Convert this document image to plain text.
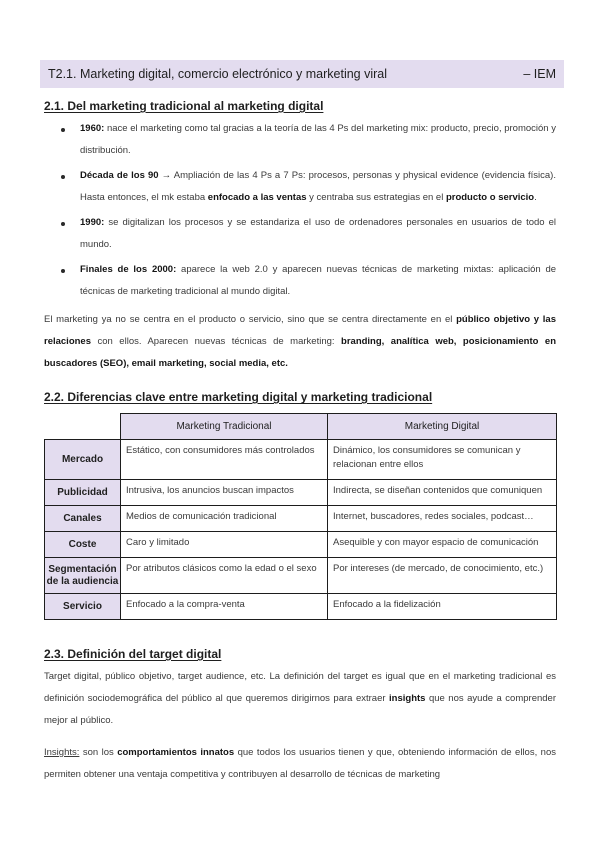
T2.1. Marketing digital, comercio electrónico y marketing viral	– IEM
2.1. Del marketing tradicional al marketing digital
1960: nace el marketing como tal gracias a la teoría de las 4 Ps del marketing mix: producto, precio, promoción y distribución.
Década de los 90 → Ampliación de las 4 Ps a 7 Ps: procesos, personas y physical evidence (evidencia física). Hasta entonces, el mk estaba enfocado a las ventas y centraba sus estrategias en el producto o servicio.
1990: se digitalizan los procesos y se estandariza el uso de ordenadores personales en usuarios de todo el mundo.
Finales de los 2000: aparece la web 2.0 y aparecen nuevas técnicas de marketing mixtas: aplicación de técnicas de marketing tradicional al mundo digital.
El marketing ya no se centra en el producto o servicio, sino que se centra directamente en el público objetivo y las relaciones con ellos. Aparecen nuevas técnicas de marketing: branding, analítica web, posicionamiento en buscadores (SEO), email marketing, social media, etc.
2.2. Diferencias clave entre marketing digital y marketing tradicional
	Marketing Tradicional	Marketing Digital
Mercado	Estático, con consumidores más controlados	Dinámico, los consumidores se comunican y relacionan entre ellos
Publicidad	Intrusiva, los anuncios buscan impactos	Indirecta, se diseñan contenidos que comuniquen
Canales	Medios de comunicación tradicional	Internet, buscadores, redes sociales, podcast…
Coste	Caro y limitado	Asequible y con mayor espacio de comunicación
Segmentación de la audiencia	Por atributos clásicos como la edad o el sexo	Por intereses (de mercado, de conocimiento, etc.)
Servicio	Enfocado a la compra-venta	Enfocado a la fidelización
2.3. Definición del target digital
Target digital, público objetivo, target audience, etc. La definición del target es igual que en el marketing tradicional es definición sociodemográfica del público al que queremos dirigirnos para extraer insights que nos ayude a comprender mejor al público.
Insights: son los comportamientos innatos que todos los usuarios tienen y que, obteniendo información de ellos, nos permiten obtener una ventaja competitiva y contribuyen al desarrollo de técnicas de marketing
